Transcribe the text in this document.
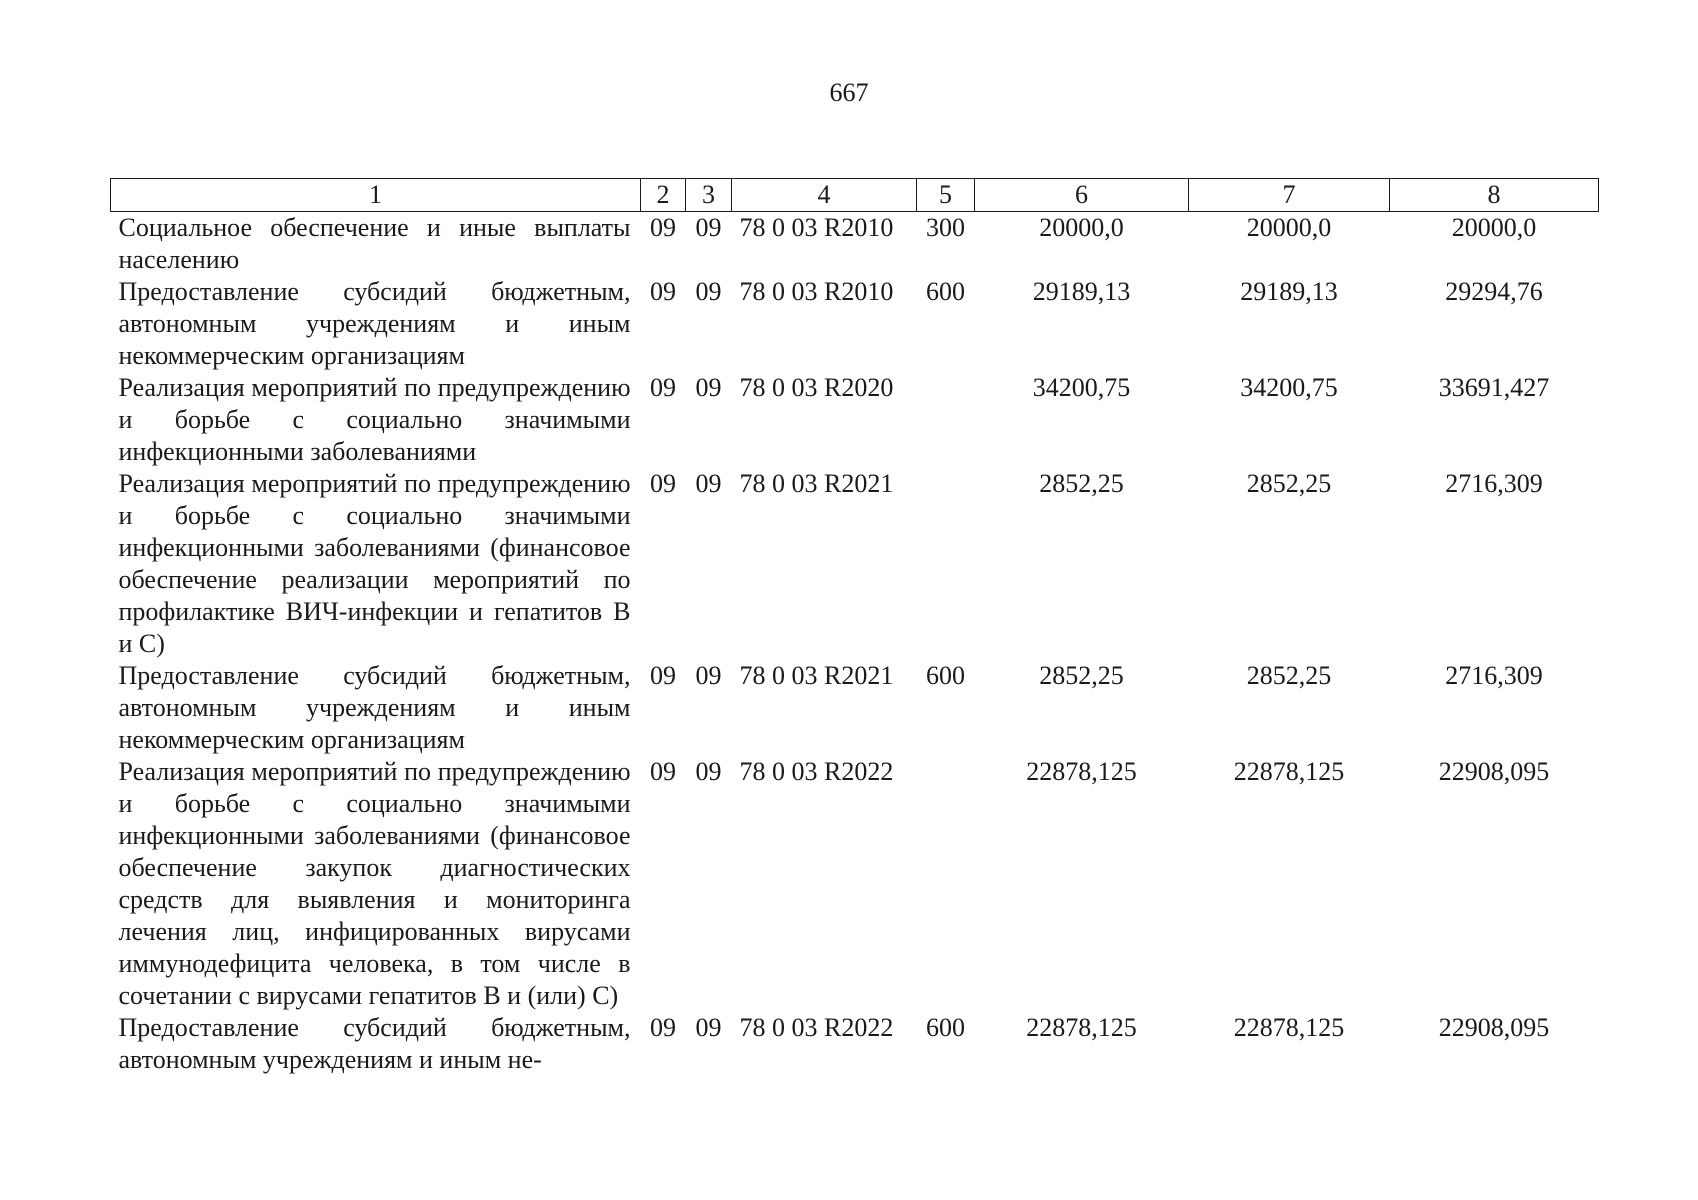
667
1	2	3	4	5	6	7	8
Социальное обеспечение и иные выплаты населению	09	09	78 0 03 R2010	300	20000,0	20000,0	20000,0
Предоставление субсидий бюджетным, автономным учреждениям и иным некоммерческим организациям	09	09	78 0 03 R2010	600	29189,13	29189,13	29294,76
Реализация мероприятий по предупреждению и борьбе с социально значимыми инфекционными заболеваниями	09	09	78 0 03 R2020		34200,75	34200,75	33691,427
Реализация мероприятий по предупреждению и борьбе с социально значимыми инфекционными заболеваниями (финансовое обеспечение реализации мероприятий по профилактике ВИЧ-инфекции и гепатитов B и C)	09	09	78 0 03 R2021		2852,25	2852,25	2716,309
Предоставление субсидий бюджетным, автономным учреждениям и иным некоммерческим организациям	09	09	78 0 03 R2021	600	2852,25	2852,25	2716,309
Реализация мероприятий по предупреждению и борьбе с социально значимыми инфекционными заболеваниями (финансовое обеспечение закупок диагностических средств для выявления и мониторинга лечения лиц, инфицированных вирусами иммунодефицита человека, в том числе в сочетании с вирусами гепатитов B и (или) C)	09	09	78 0 03 R2022		22878,125	22878,125	22908,095
Предоставление субсидий бюджетным, автономным учреждениям и иным не-	09	09	78 0 03 R2022	600	22878,125	22878,125	22908,095
